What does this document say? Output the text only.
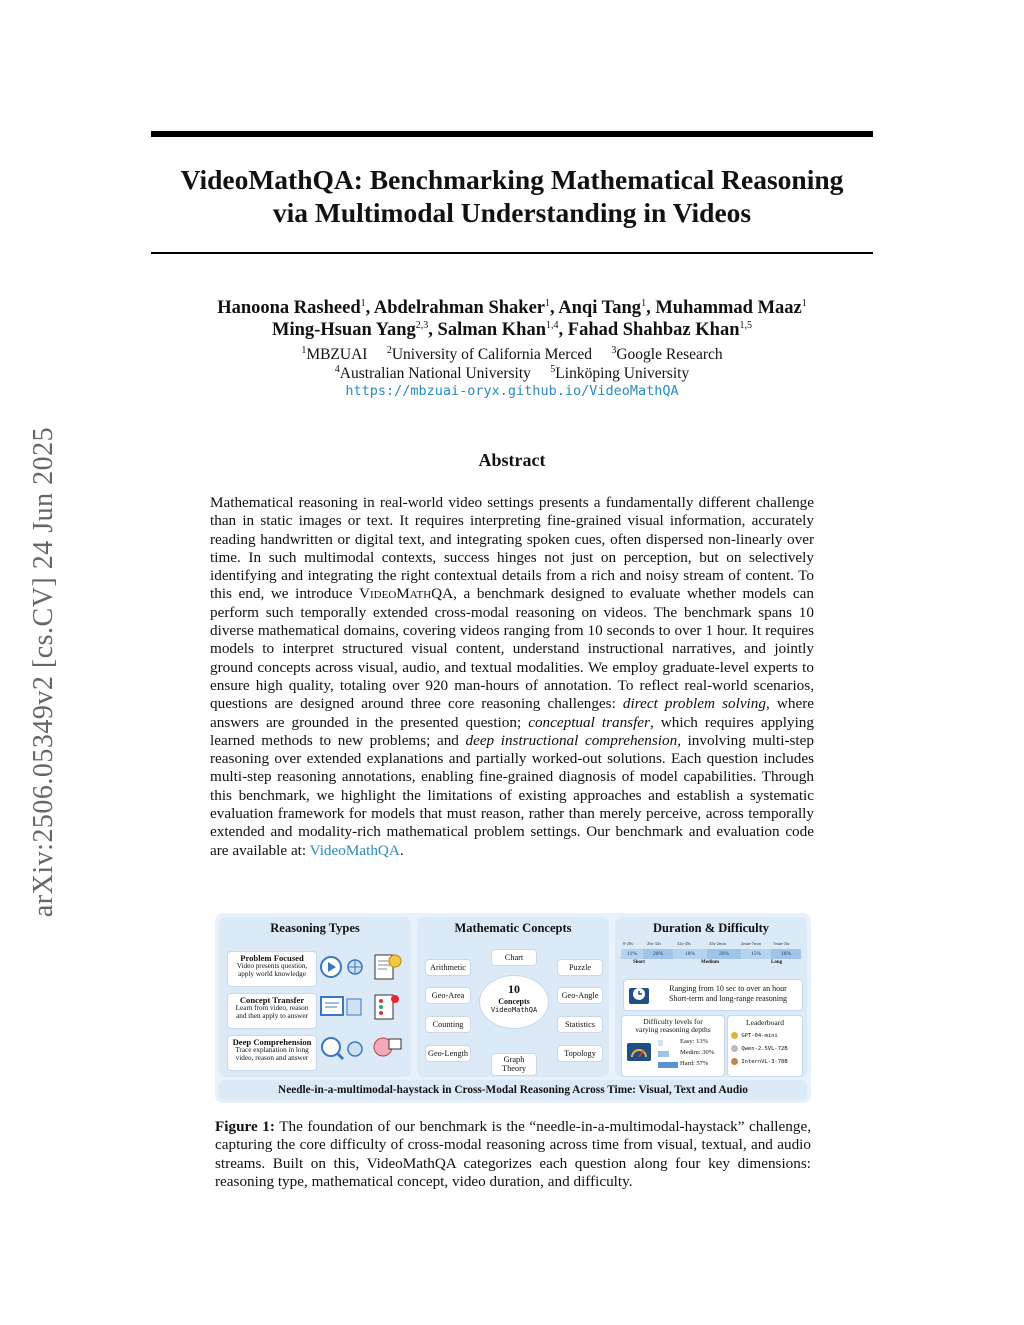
arXiv:2506.05349v2 [cs.CV] 24 Jun 2025
VideoMathQA: Benchmarking Mathematical Reasoning
via Multimodal Understanding in Videos
Hanoona Rasheed$^1$, Abdelrahman Shaker$^1$, Anqi Tang$^1$, Muhammad Maaz$^1$
Ming-Hsuan Yang$^{2,3}$, Salman Khan$^{1,4}$, Fahad Shahbaz Khan$^{1,5}$
$^1$MBZUAI $^2$University of California Merced $^3$Google Research
$^4$Australian National University $^5$Linköping University
https://mbzuai-oryx.github.io/VideoMathQA
Abstract
Mathematical reasoning in real-world video settings presents a fundamentally different challenge than in static images or text. It requires interpreting fine-grained visual information, accurately reading handwritten or digital text, and integrating spoken cues, often dispersed non-linearly over time. In such multimodal contexts, success hinges not just on perception, but on selectively identifying and integrating the right contextual details from a rich and noisy stream of content. To this end, we introduce VideoMathQA, a benchmark designed to evaluate whether models can perform such temporally extended cross-modal reasoning on videos. The benchmark spans 10 diverse mathematical domains, covering videos ranging from 10 seconds to over 1 hour. It requires models to interpret structured visual content, understand instructional narratives, and jointly ground concepts across visual, audio, and textual modalities. We employ graduate-level experts to ensure high quality, totaling over 920 man-hours of annotation. To reflect real-world scenarios, questions are designed around three core reasoning challenges: direct problem solving, where answers are grounded in the presented question; conceptual transfer, which requires applying learned methods to new problems; and deep instructional comprehension, involving multi-step reasoning over extended explanations and partially worked-out solutions. Each question includes multi-step reasoning annotations, enabling fine-grained diagnosis of model capabilities. Through this benchmark, we highlight the limitations of existing approaches and establish a systematic evaluation framework for models that must reason, rather than merely perceive, across temporally extended and modality-rich mathematical problem settings. Our benchmark and evaluation code are available at: VideoMathQA.
Reasoning Types
Problem Focused
Video presents question,
apply world knowledge
Concept Transfer
Learn from video, reason
and then apply to answer
Deep Comprehension
Trace explanation in long
video, reason and answer
Mathematic Concepts
10
Concepts
VideoMathQA
Chart
Arithmetic	Puzzle
Geo-Area	Geo-Angle
Counting	Statistics
Geo-Length	Topology
Graph Theory
Duration & Difficulty
0-20s	20s-32s	32s-45s	45s-2min	2min-7min	7min-1hr
11%	20%	18%	20%	15%	16%
Short	Medium	Long
Ranging from 10 sec to over an hour
Short-term and long-range reasoning
Difficulty levels for
varying reasoning depths
Easy: 13%
Medim: 30%
Hard: 57%
Leaderboard
GPT-04-mini
Qwen-2.5VL-72B
InternVL-3-78B
Needle-in-a-multimodal-haystack in Cross-Modal Reasoning Across Time: Visual, Text and Audio
Figure 1: The foundation of our benchmark is the “needle-in-a-multimodal-haystack” challenge, capturing the core difficulty of cross-modal reasoning across time from visual, textual, and audio streams. Built on this, VideoMathQA categorizes each question along four key dimensions: reasoning type, mathematical concept, video duration, and difficulty.
